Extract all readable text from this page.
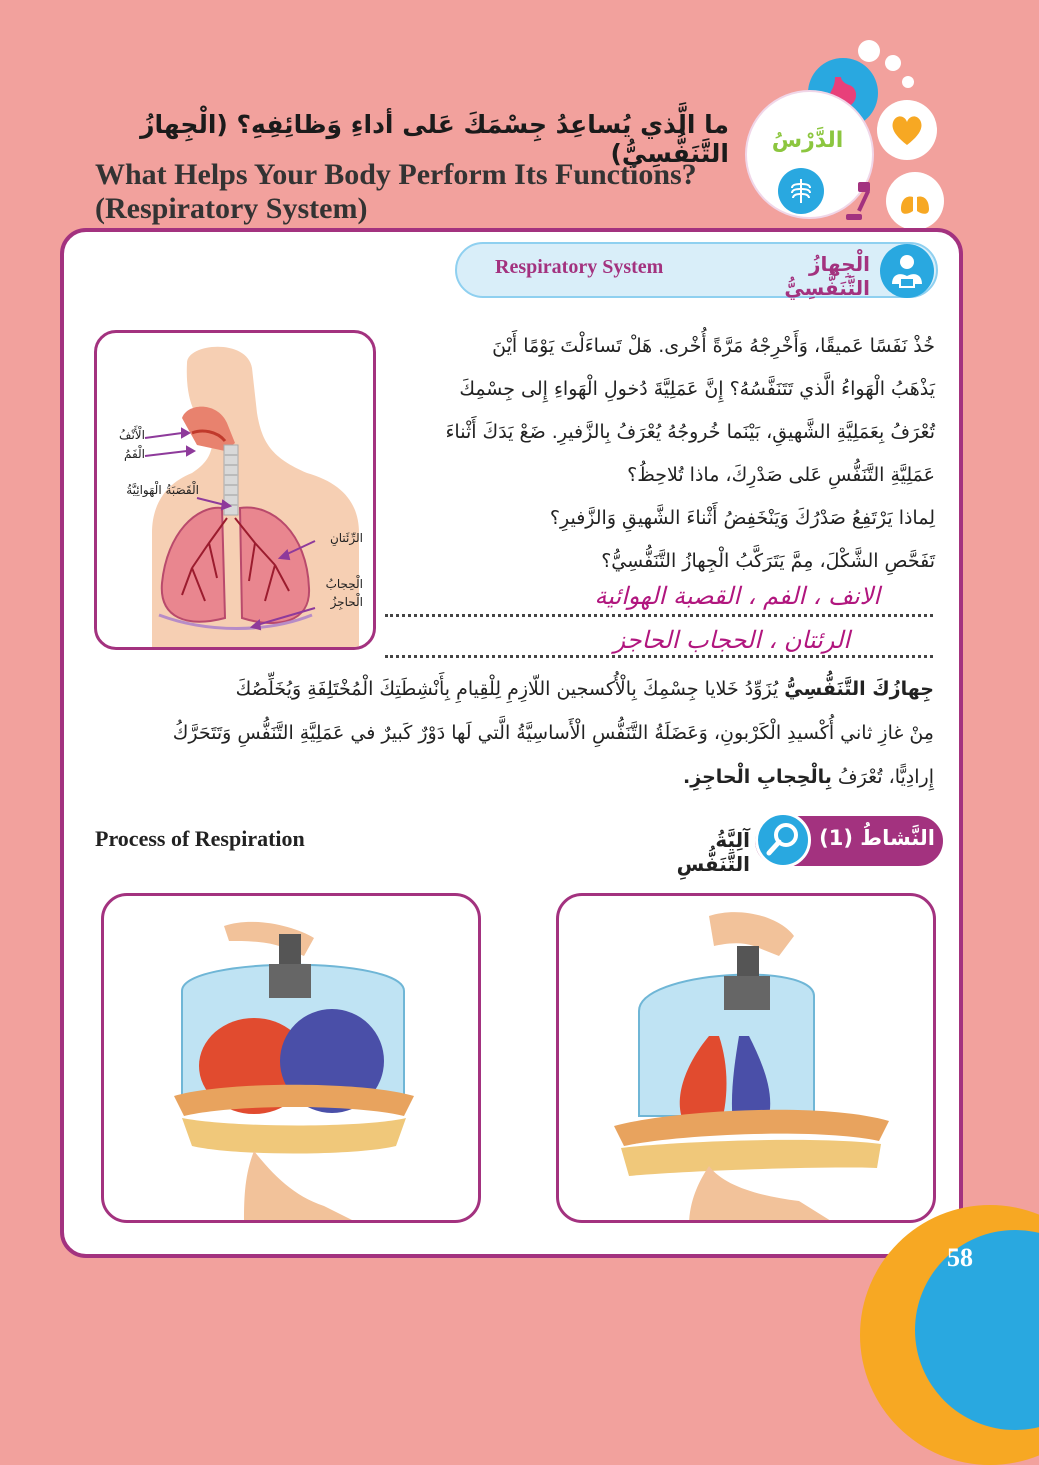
ما الَّذي يُساعِدُ جِسْمَكَ عَلى أداءِ وَظائِفِهِ؟ (الْجِهازُ التَّنَفُّسِيُّ)
What Helps Your Body Perform Its Functions?
(Respiratory System)
الدَّرْسُ
Respiratory System	الْجِهازُ التَّنَفُّسِيُّ
الْأَنْفُ
الْفَمُ
الْقَصَبَةُ الْهَوائِيَّةُ
الرِّئَتانِ
الْحِجابُ
الْحاجِزُ
خُذْ نَفَسًا عَميقًا، وَأَخْرِجْهُ مَرَّةً أُخْرى. هَلْ تَساءَلْتَ يَوْمًا أَيْنَ
يَذْهَبُ الْهَواءُ الَّذي تَتَنَفَّسُهُ؟ إِنَّ عَمَلِيَّةَ دُخولِ الْهَواءِ إِلى جِسْمِكَ
تُعْرَفُ بِعَمَلِيَّةِ الشَّهيقِ، بَيْنَما خُروجُهُ يُعْرَفُ بِالزَّفيرِ. ضَعْ يَدَكَ أَثْناءَ
عَمَلِيَّةِ التَّنَفُّسِ عَلى صَدْرِكَ، ماذا تُلاحِظُ؟
لِماذا يَرْتَفِعُ صَدْرُكَ وَيَنْخَفِضُ أَثْناءَ الشَّهيقِ وَالزَّفيرِ؟
تَفَحَّصِ الشَّكْلَ، مِمَّ يَتَرَكَّبُ الْجِهازُ التَّنَفُّسِيُّ؟
الانف ، الفم ، القصبة الهوائية
الرئتان ، الحجاب الحاجز
جِهازُكَ التَّنَفُّسِيُّ يُزَوِّدُ خَلايا جِسْمِكَ بِالْأُكسجين اللّازِمِ لِلْقِيامِ بِأَنْشِطَتِكَ الْمُخْتَلِفَةِ وَيُخَلِّصُكَ
مِنْ غازِ ثاني أُكْسيدِ الْكَرْبونِ، وَعَضَلَةُ التَّنَفُّسِ الْأَساسِيَّةُ الَّتي لَها دَوْرٌ كَبيرٌ في عَمَلِيَّةِ التَّنَفُّسِ وَتَتَحَرَّكُ
إِرادِيًّا، تُعْرَفُ بِالْحِجابِ الْحاجِزِ.
النَّشاطُ (1)
آلِيَّةُ التَّنَفُّسِ
Process of Respiration
58
